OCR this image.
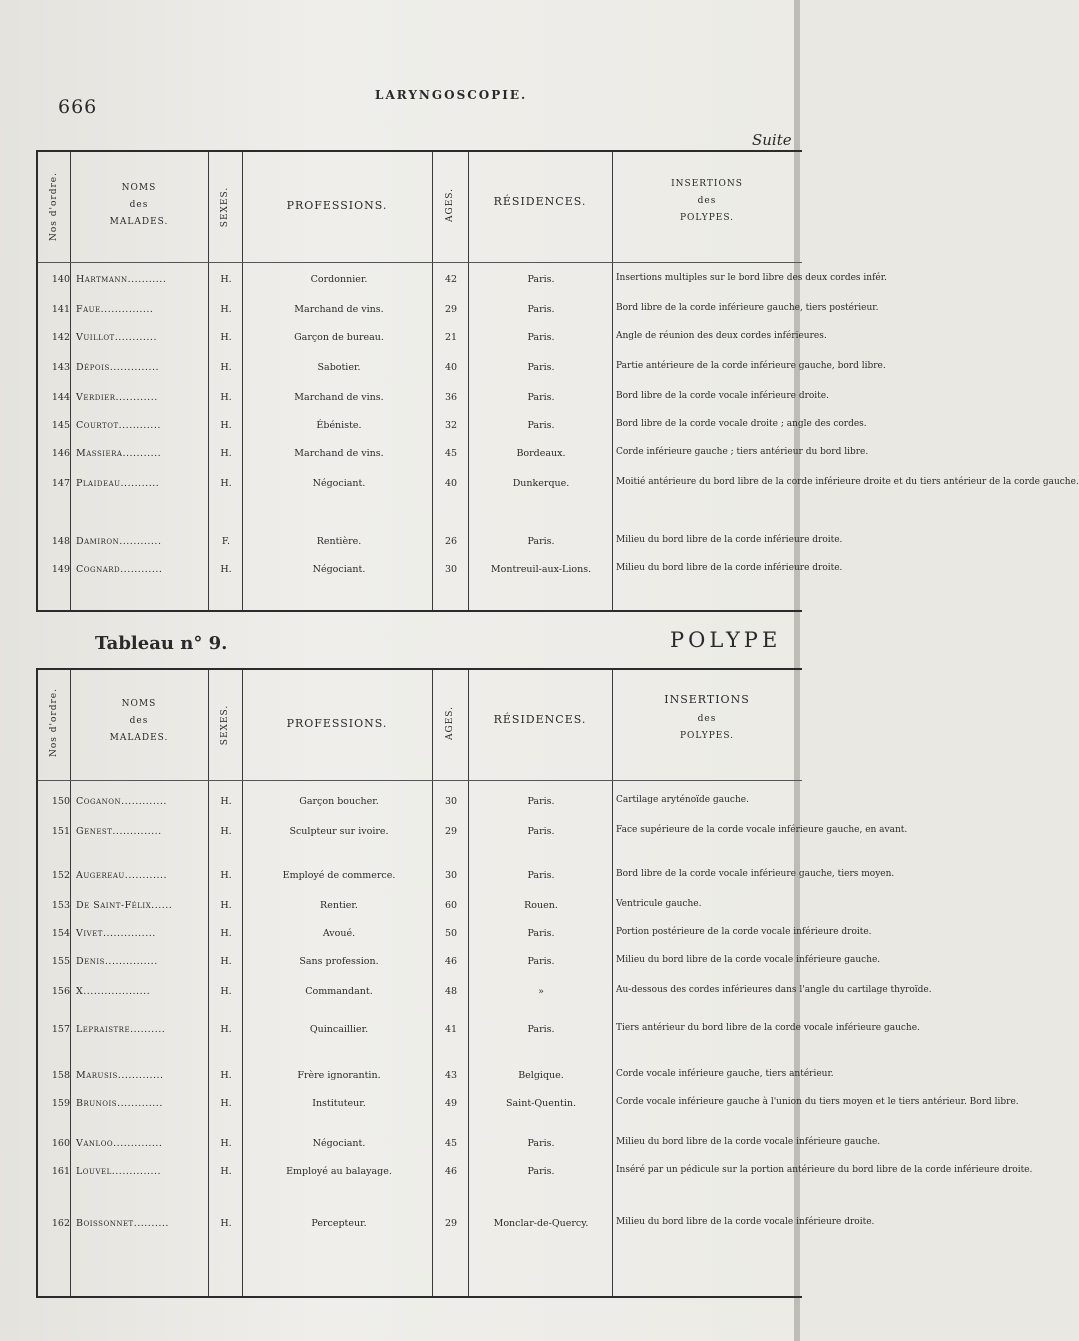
666
LARYNGOSCOPIE.
Suite
Nos d'ordre.	NOMS
des
MALADES.	SEXES.	PROFESSIONS.	AGES.	RÉSIDENCES.
INSERTIONS
des
POLYPES.
140 Hartmann...........	H.	Cordonnier.	42	Paris.	Insertions multiples sur le bord libre des deux cordes infér.
141 Faue...............	H.	Marchand de vins.	29	Paris.	Bord libre de la corde inférieure gauche, tiers postérieur.
142 Vuillot............	H.	Garçon de bureau.	21	Paris.	Angle de réunion des deux cordes inférieures.
143 Dépois..............	H.	Sabotier.	40	Paris.	Partie antérieure de la corde inférieure gauche, bord libre.
144 Verdier............	H.	Marchand de vins.	36	Paris.	Bord libre de la corde vocale inférieure droite.
145 Courtot............	H.	Ébéniste.	32	Paris.	Bord libre de la corde vocale droite ; angle des cordes.
146 Massiera...........	H.	Marchand de vins.	45	Bordeaux.	Corde inférieure gauche ; tiers antérieur du bord libre.
147 Plaideau...........	H.	Négociant.	40	Dunkerque.	Moitié antérieure du bord libre de la corde inférieure droite et du tiers antérieur de la corde gauche.
148 Damiron............	F.	Rentière.	26	Paris.	Milieu du bord libre de la corde inférieure droite.
149 Cognard............	H.	Négociant.	30	Montreuil-aux-Lions.	Milieu du bord libre de la corde inférieure droite.
Tableau n° 9.	POLYPE
Nos d'ordre.	NOMS
des
MALADES.	SEXES.	PROFESSIONS.	AGES.	RÉSIDENCES.
INSERTIONS
des
POLYPES.
150 Coganon.............	H.	Garçon boucher.	30	Paris.	Cartilage aryténoïde gauche.
151 Genest..............	H.	Sculpteur sur ivoire.	29	Paris.	Face supérieure de la corde vocale inférieure gauche, en avant.
152 Augereau............	H.	Employé de commerce.	30	Paris.	Bord libre de la corde vocale inférieure gauche, tiers moyen.
153 De Saint-Félix......	H.	Rentier.	60	Rouen.	Ventricule gauche.
154 Vivet...............	H.	Avoué.	50	Paris.	Portion postérieure de la corde vocale inférieure droite.
155 Denis...............	H.	Sans profession.	46	Paris.	Milieu du bord libre de la corde vocale inférieure gauche.
156 X...................	H.	Commandant.	48	»	Au-dessous des cordes inférieures dans l'angle du cartilage thyroïde.
157 Lepraistre..........	H.	Quincaillier.	41	Paris.	Tiers antérieur du bord libre de la corde vocale inférieure gauche.
158 Marusis.............	H.	Frère ignorantin.	43	Belgique.	Corde vocale inférieure gauche, tiers antérieur.
159 Brunois.............	H.	Instituteur.	49	Saint-Quentin.	Corde vocale inférieure gauche à l'union du tiers moyen et le tiers antérieur. Bord libre.
160 Vanloo..............	H.	Négociant.	45	Paris.	Milieu du bord libre de la corde vocale inférieure gauche.
161 Louvel..............	H.	Employé au balayage.	46	Paris.	Inséré par un pédicule sur la portion antérieure du bord libre de la corde inférieure droite.
162 Boissonnet..........	H.	Percepteur.	29	Monclar-de-Quercy.	Milieu du bord libre de la corde vocale inférieure droite.
